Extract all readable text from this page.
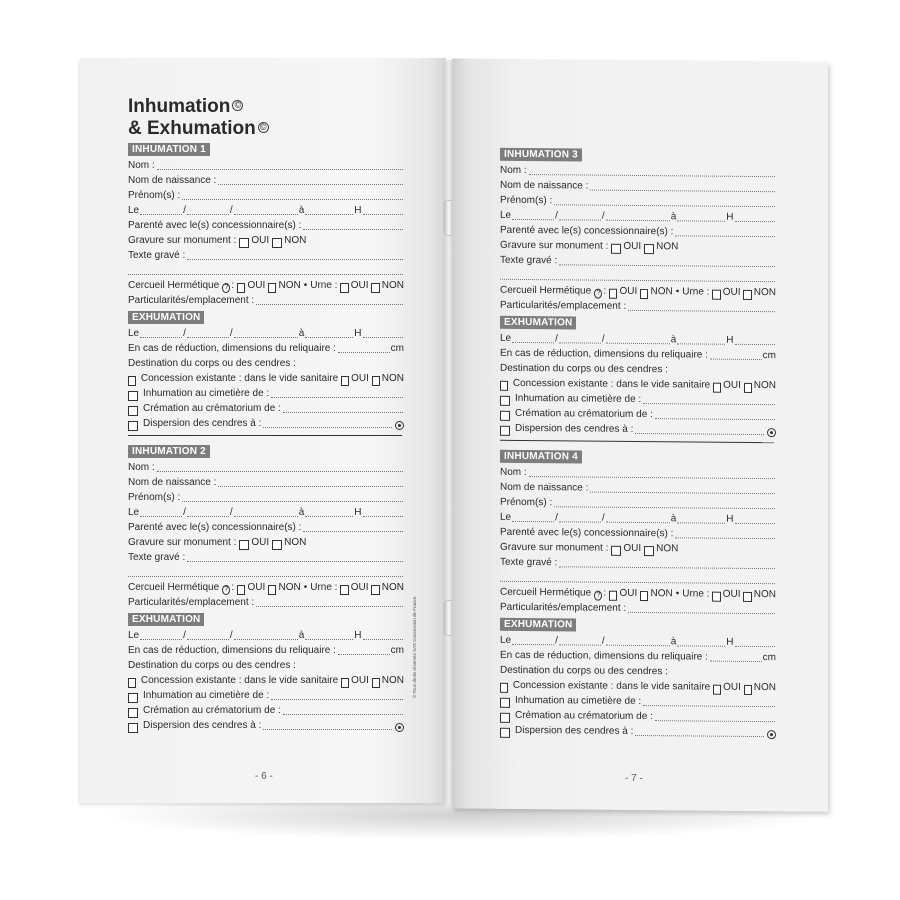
Inhumation ©
& Exhumation ©
INHUMATION 1
Nom :
Nom de naissance :
Prénom(s) :
Le	/	/	à	H
Parenté avec le(s) concessionnaire(s) :
Gravure sur monument : OUI NON
Texte gravé :
Cercueil Hermétique ? : OUI NON • Urne : OUI NON
Particularités/emplacement :
EXHUMATION
Le	/	/	à	H
En cas de réduction, dimensions du reliquaire :	cm
Destination du corps ou des cendres :
Concession existante : dans le vide sanitaire OUI NON
Inhumation au cimetière de :
Crémation au crématorium de :
Dispersion des cendres à :
INHUMATION 2
Nom :
Nom de naissance :
Prénom(s) :
Le	/	/	à	H
Parenté avec le(s) concessionnaire(s) :
Gravure sur monument : OUI NON
Texte gravé :
Cercueil Hermétique ? : OUI NON • Urne : OUI NON
Particularités/emplacement :
EXHUMATION
Le	/	/	à	H
En cas de réduction, dimensions du reliquaire :	cm
Destination du corps ou des cendres :
Concession existante : dans le vide sanitaire OUI NON
Inhumation au cimetière de :
Crémation au crématorium de :
Dispersion des cendres à :
© Tous droits réservés SAS Concession de France.
- 6 -
INHUMATION 3
Nom :
Nom de naissance :
Prénom(s) :
Le	/	/	à	H
Parenté avec le(s) concessionnaire(s) :
Gravure sur monument : OUI NON
Texte gravé :
Cercueil Hermétique ? : OUI NON • Urne : OUI NON
Particularités/emplacement :
EXHUMATION
Le	/	/	à	H
En cas de réduction, dimensions du reliquaire :	cm
Destination du corps ou des cendres :
Concession existante : dans le vide sanitaire OUI NON
Inhumation au cimetière de :
Crémation au crématorium de :
Dispersion des cendres à :
INHUMATION 4
Nom :
Nom de naissance :
Prénom(s) :
Le	/	/	à	H
Parenté avec le(s) concessionnaire(s) :
Gravure sur monument : OUI NON
Texte gravé :
Cercueil Hermétique ? : OUI NON • Urne : OUI NON
Particularités/emplacement :
EXHUMATION
Le	/	/	à	H
En cas de réduction, dimensions du reliquaire :	cm
Destination du corps ou des cendres :
Concession existante : dans le vide sanitaire OUI NON
Inhumation au cimetière de :
Crémation au crématorium de :
Dispersion des cendres à :
- 7 -
